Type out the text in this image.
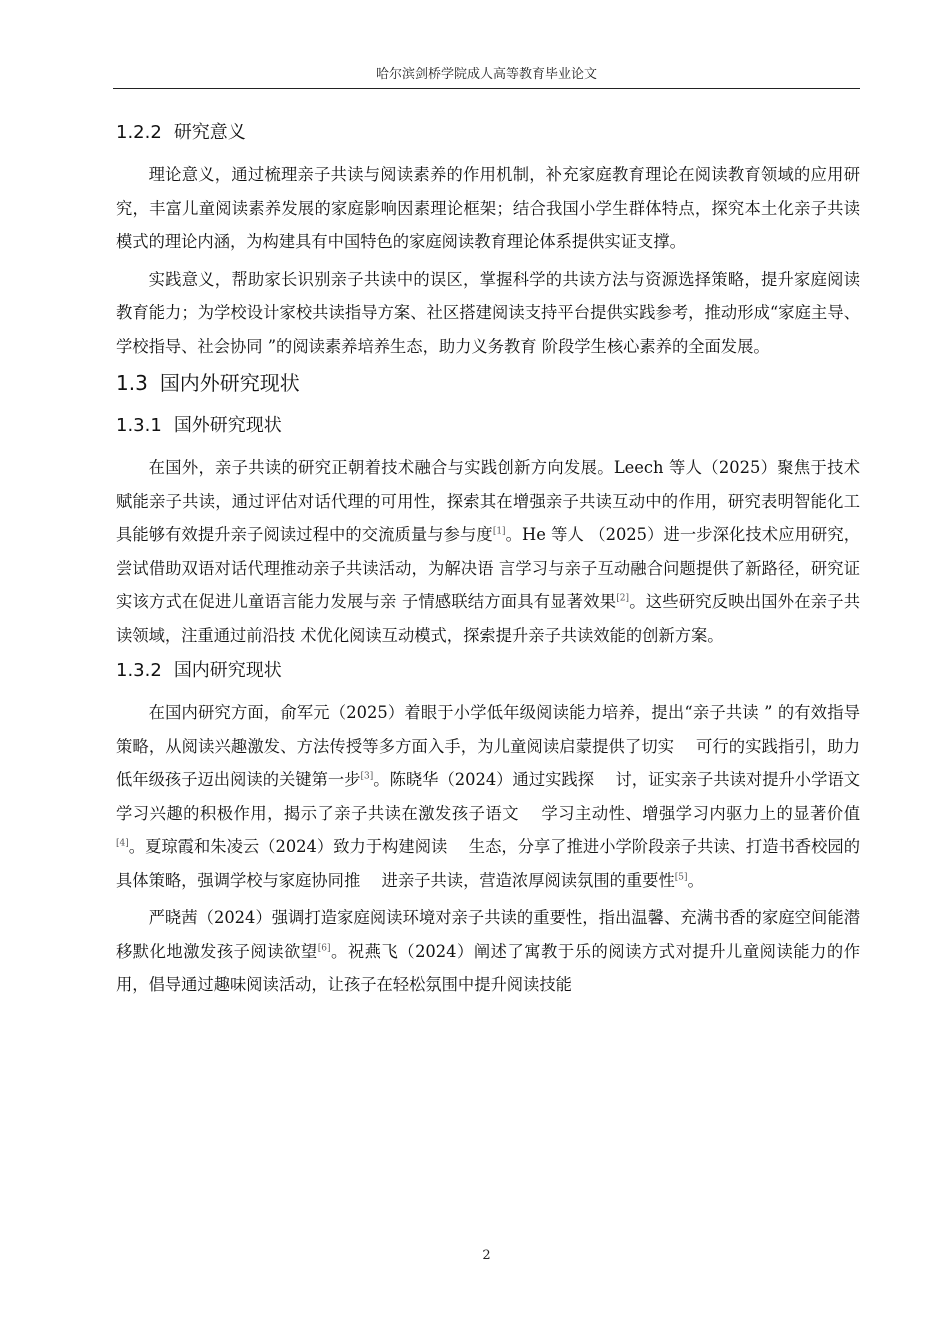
哈尔滨剑桥学院成人高等教育毕业论文
1.2.2 研究意义

理论意义，通过梳理亲子共读与阅读素养的作用机制，补充家庭教育理论在阅读教育领域的应用研究，丰富儿童阅读素养发展的家庭影响因素理论框架；结合我国小学生群体特点，探究本土化亲子共读模式的理论内涵，为构建具有中国特色的家庭阅读教育理论体系提供实证支撑。

实践意义，帮助家长识别亲子共读中的误区，掌握科学的共读方法与资源选择策略，提升家庭阅读教育能力；为学校设计家校共读指导方案、社区搭建阅读支持平台提供实践参考，推动形成“家庭主导、学校指导、社会协同 ”的阅读素养培养生态，助力义务教育 阶段学生核心素养的全面发展。

1.3 国内外研究现状
1.3.1 国外研究现状

在国外，亲子共读的研究正朝着技术融合与实践创新方向发展。Leech 等人（2025）聚焦于技术赋能亲子共读，通过评估对话代理的可用性，探索其在增强亲子共读互动中的作用，研究表明智能化工具能够有效提升亲子阅读过程中的交流质量与参与度[1]。He 等人 （2025）进一步深化技术应用研究，尝试借助双语对话代理推动亲子共读活动，为解决语 言学习与亲子互动融合问题提供了新路径，研究证实该方式在促进儿童语言能力发展与亲 子情感联结方面具有显著效果[2]。这些研究反映出国外在亲子共读领域，注重通过前沿技 术优化阅读互动模式，探索提升亲子共读效能的创新方案。

1.3.2 国内研究现状

在国内研究方面，俞军元（2025）着眼于小学低年级阅读能力培养，提出“亲子共读 ” 的有效指导策略，从阅读兴趣激发、方法传授等多方面入手，为儿童阅读启蒙提供了切实 　可行的实践指引，助力低年级孩子迈出阅读的关键第一步[3]。陈晓华（2024）通过实践探 　讨，证实亲子共读对提升小学语文学习兴趣的积极作用，揭示了亲子共读在激发孩子语文 　学习主动性、增强学习内驱力上的显著价值[4]。夏琼霞和朱凌云（2024）致力于构建阅读 　生态，分享了推进小学阶段亲子共读、打造书香校园的具体策略，强调学校与家庭协同推 　进亲子共读，营造浓厚阅读氛围的重要性[5]。

严晓茜（2024）强调打造家庭阅读环境对亲子共读的重要性，指出温馨、充满书香的家庭空间能潜移默化地激发孩子阅读欲望[6]。祝燕飞（2024）阐述了寓教于乐的阅读方式对提升儿童阅读能力的作用，倡导通过趣味阅读活动，让孩子在轻松氛围中提升阅读技能

2
